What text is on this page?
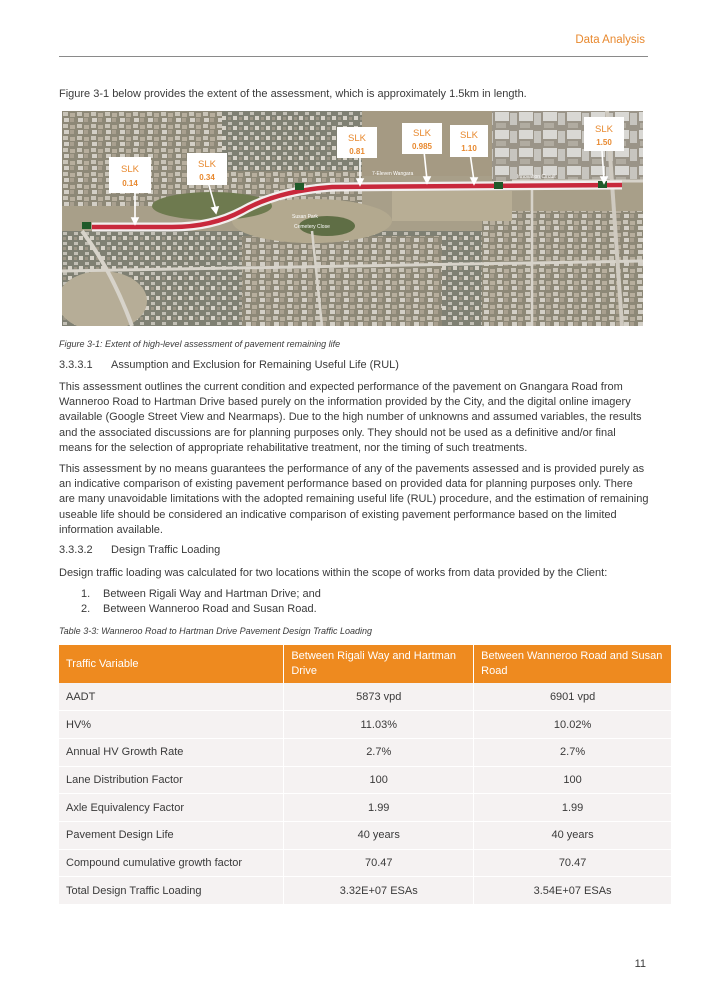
Data Analysis
Figure 3-1 below provides the extent of the assessment, which is approximately 1.5km in length.
Susan Park
Cemetery Close
7-Eleven Wangara	Innovation Circuit
SLK
0.14
SLK
0.34
SLK
0.81
SLK
0.985
SLK
1.10
SLK
1.50
Figure 3-1: Extent of high-level assessment of pavement remaining life
3.3.3.1 Assumption and Exclusion for Remaining Useful Life (RUL)

This assessment outlines the current condition and expected performance of the pavement on Gnangara Road from Wanneroo Road to Hartman Drive based purely on the information provided by the City, and the digital online imagery available (Google Street View and Nearmaps). Due to the high number of unknowns and assumed variables, the results and the associated discussions are for planning purposes only. They should not be used as a definitive and/or final means for the selection of appropriate rehabilitative treatment, nor the timing of such treatments.

This assessment by no means guarantees the performance of any of the pavements assessed and is provided purely as an indicative comparison of existing pavement performance based on provided data for planning purposes only. There are many unavoidable limitations with the adopted remaining useful life (RUL) procedure, and the estimation of remaining useable life should be considered an indicative comparison of existing pavement performance based on the limited information available.

3.3.3.2 Design Traffic Loading

Design traffic loading was calculated for two locations within the scope of works from data provided by the Client:

1. Between Rigali Way and Hartman Drive; and
2. Between Wanneroo Road and Susan Road.
Table 3-3: Wanneroo Road to Hartman Drive Pavement Design Traffic Loading
Traffic Variable	Between Rigali Way and Hartman Drive	Between Wanneroo Road and Susan Road
AADT	5873 vpd	6901 vpd
HV%	11.03%	10.02%
Annual HV Growth Rate	2.7%	2.7%
Lane Distribution Factor	100	100
Axle Equivalency Factor	1.99	1.99
Pavement Design Life	40 years	40 years
Compound cumulative growth factor	70.47	70.47
Total Design Traffic Loading	3.32E+07 ESAs	3.54E+07 ESAs
11
